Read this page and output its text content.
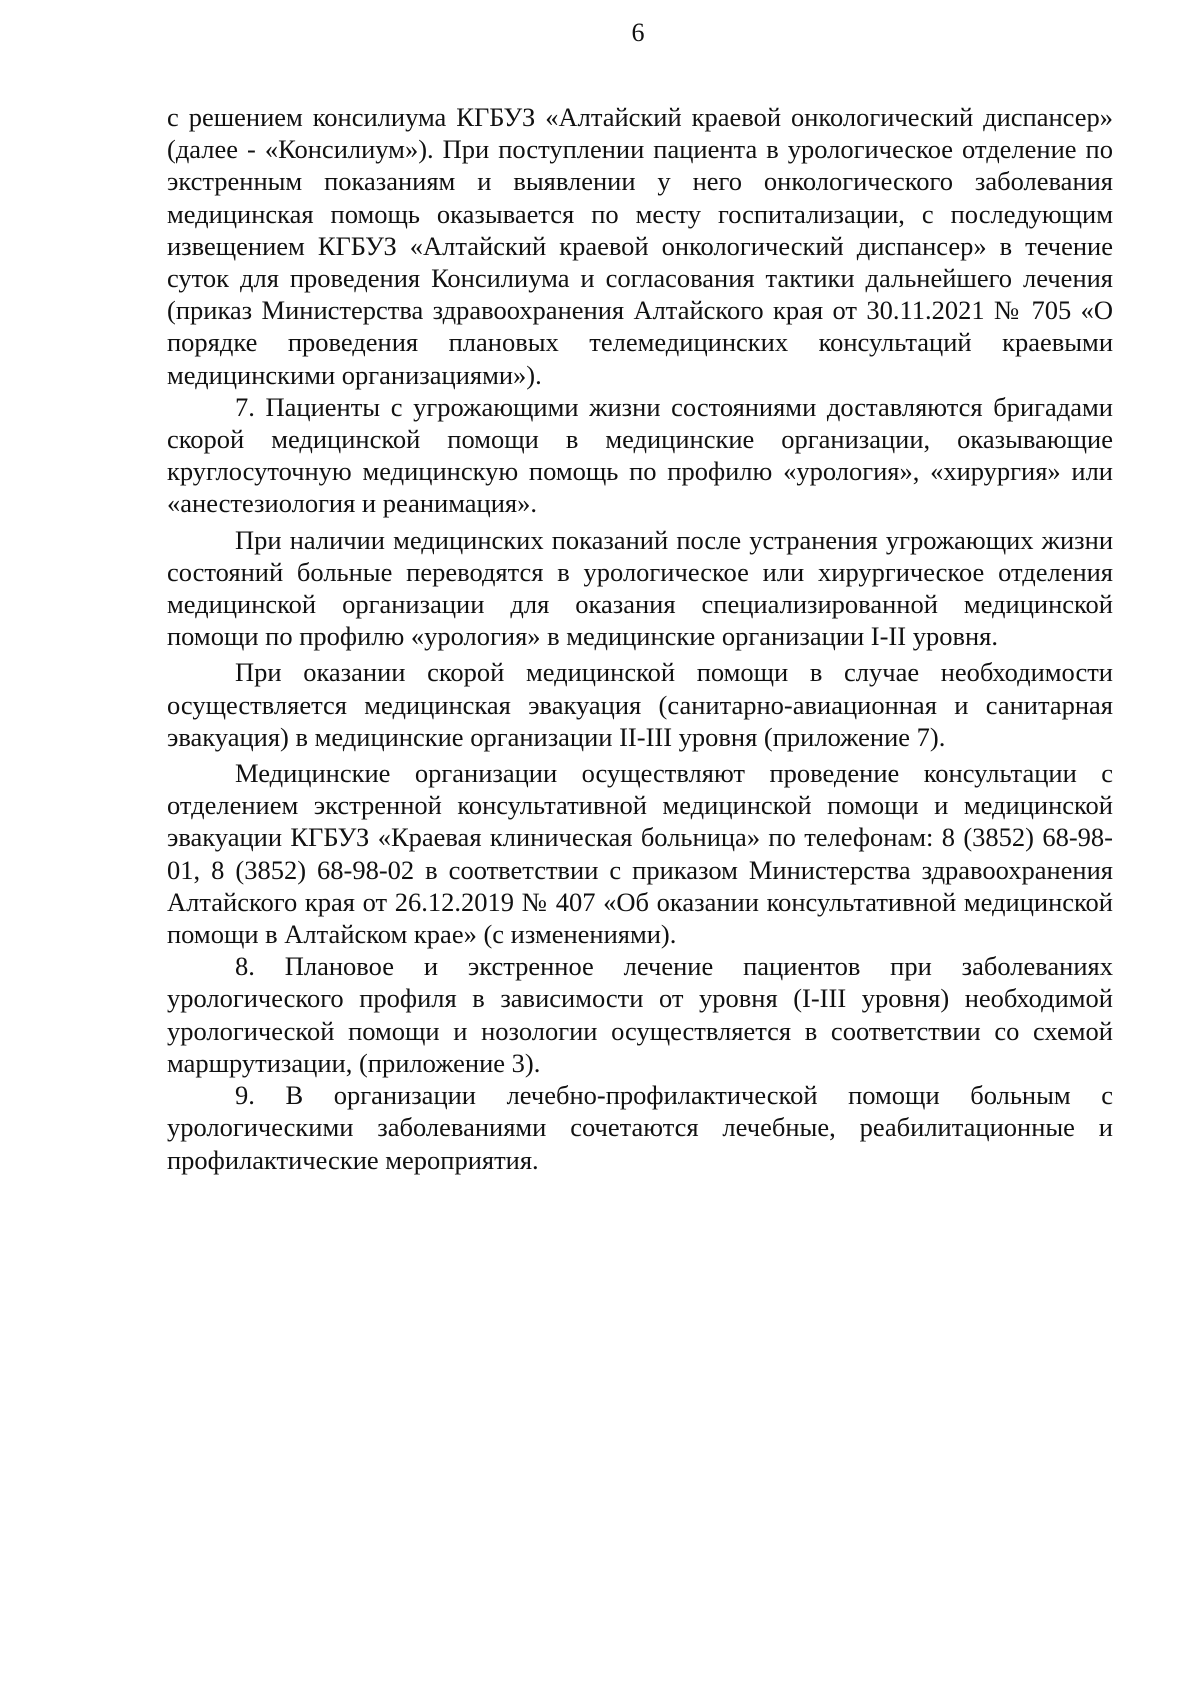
6

с решением консилиума КГБУЗ «Алтайский краевой онкологический диспансер» (далее - «Консилиум»). При поступлении пациента в урологическое отделение по экстренным показаниям и выявлении у него онкологического заболевания медицинская помощь оказывается по месту госпитализации, с последующим извещением КГБУЗ «Алтайский краевой онкологический диспансер» в течение суток для проведения Консилиума и согласования тактики дальнейшего лечения (приказ Министерства здравоохранения Алтайского края от 30.11.2021 № 705 «О порядке проведения плановых телемедицинских консультаций краевыми медицинскими организациями»).

7. Пациенты с угрожающими жизни состояниями доставляются бригадами скорой медицинской помощи в медицинские организации, оказывающие круглосуточную медицинскую помощь по профилю «урология», «хирургия» или «анестезиология и реанимация».

При наличии медицинских показаний после устранения угрожающих жизни состояний больные переводятся в урологическое или хирургическое отделения медицинской организации для оказания специализированной медицинской помощи по профилю «урология» в медицинские организации I-II уровня.

При оказании скорой медицинской помощи в случае необходимости осуществляется медицинская эвакуация (санитарно-авиационная и санитарная эвакуация) в медицинские организации II-III уровня (приложение 7).

Медицинские организации осуществляют проведение консультации с отделением экстренной консультативной медицинской помощи и медицинской эвакуации КГБУЗ «Краевая клиническая больница» по телефонам: 8 (3852) 68-98-01, 8 (3852) 68-98-02 в соответствии с приказом Министерства здравоохранения Алтайского края от 26.12.2019 № 407 «Об оказании консультативной медицинской помощи в Алтайском крае» (с изменениями).

8. Плановое и экстренное лечение пациентов при заболеваниях урологического профиля в зависимости от уровня (I-III уровня) необходимой урологической помощи и нозологии осуществляется в соответствии со схемой маршрутизации, (приложение 3).

9. В организации лечебно-профилактической помощи больным с урологическими заболеваниями сочетаются лечебные, реабилитационные и профилактические мероприятия.
